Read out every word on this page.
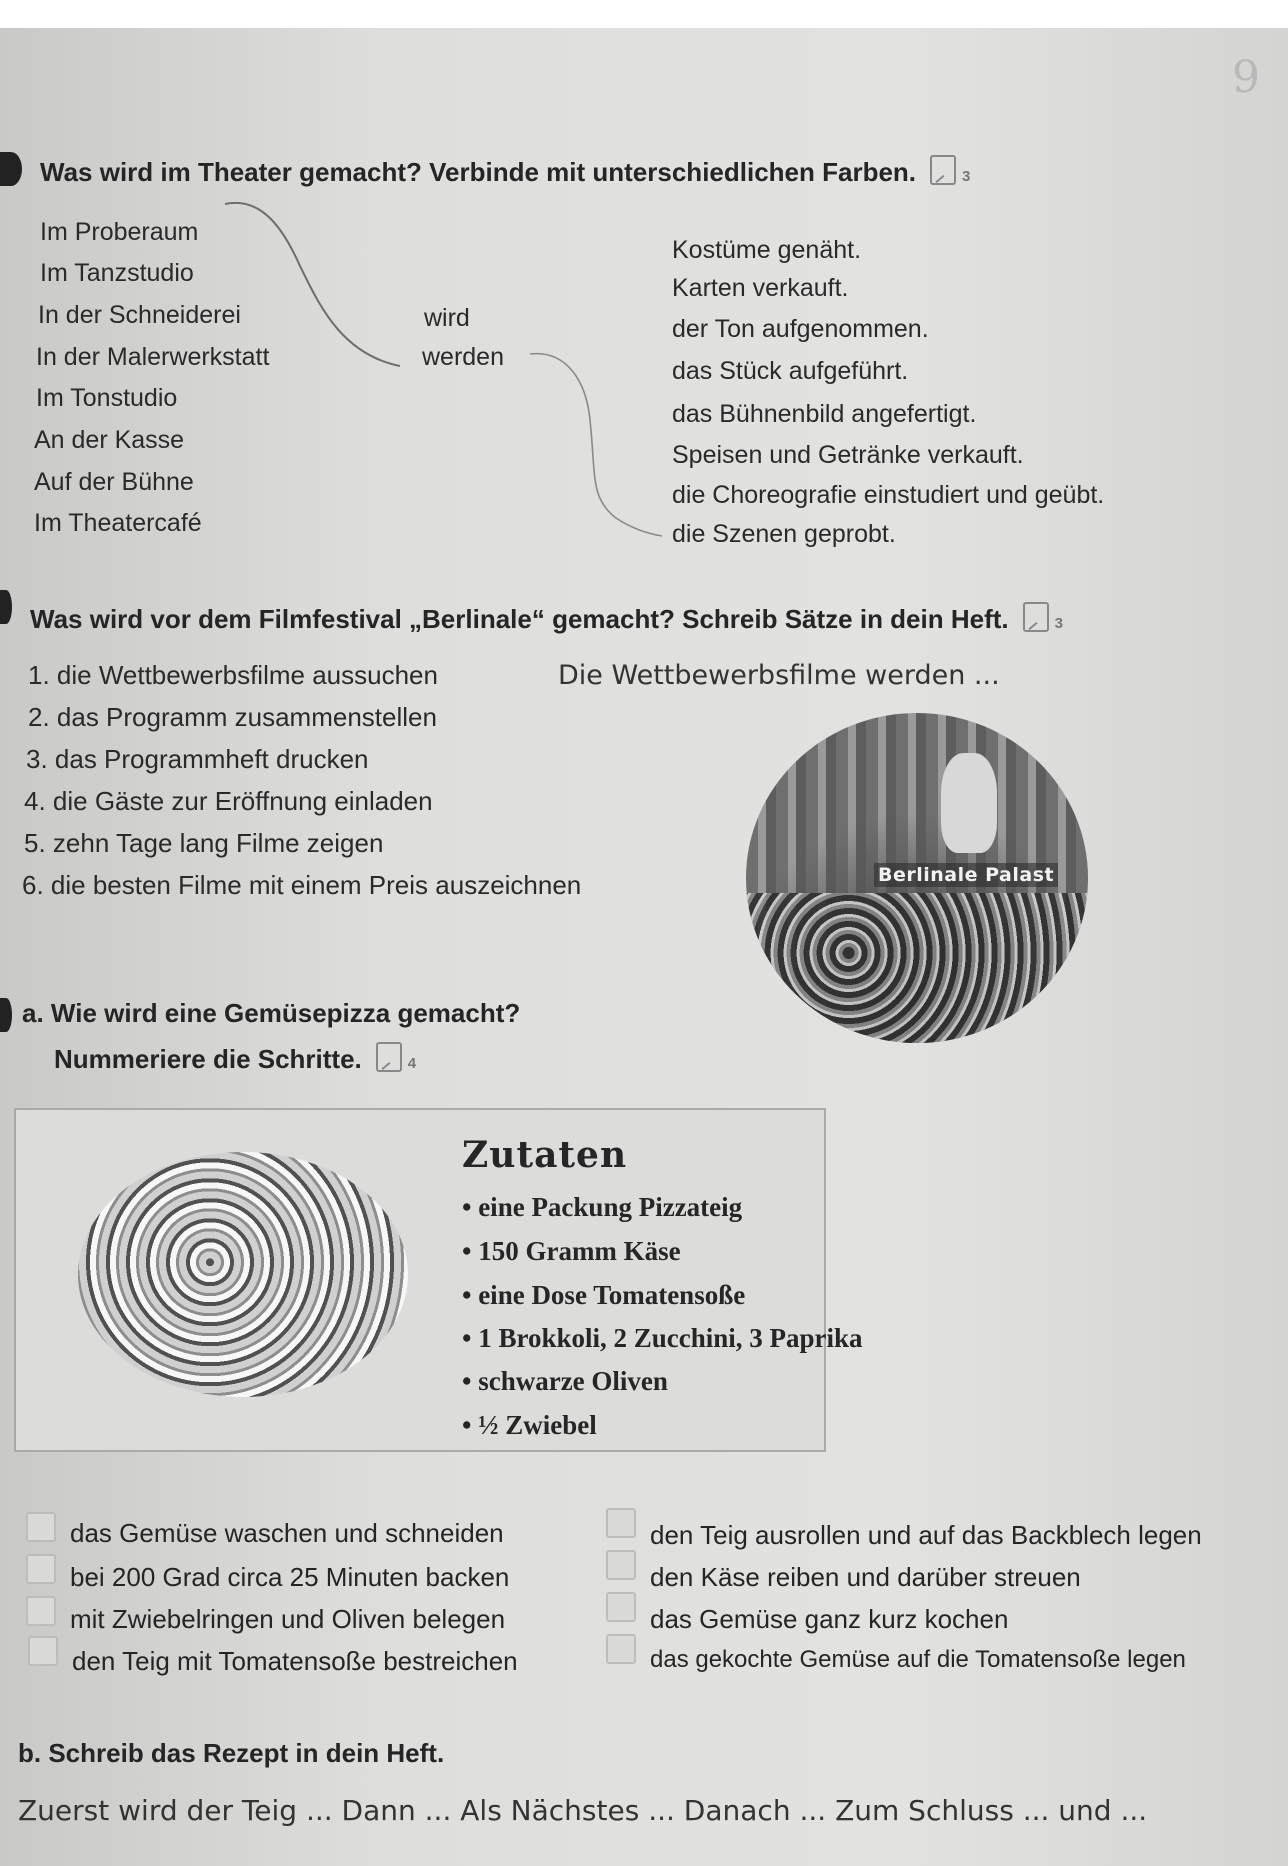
9
Was wird im Theater gemacht? Verbinde mit unterschiedlichen Farben.	3
Im Proberaum
Im Tanzstudio
In der Schneiderei
In der Malerwerkstatt
Im Tonstudio
An der Kasse
Auf der Bühne
Im Theatercafé
wird
werden
Kostüme genäht.
Karten verkauft.
der Ton aufgenommen.
das Stück aufgeführt.
das Bühnenbild angefertigt.
Speisen und Getränke verkauft.
die Choreografie einstudiert und geübt.
die Szenen geprobt.
Was wird vor dem Filmfestival „Berlinale“ gemacht? Schreib Sätze in dein Heft.	3
1. die Wettbewerbsfilme aussuchen
2. das Programm zusammenstellen
3. das Programmheft drucken
4. die Gäste zur Eröffnung einladen
5. zehn Tage lang Filme zeigen
6. die besten Filme mit einem Preis auszeichnen
Die Wettbewerbsfilme werden ...
Berlinale Palast
a. Wie wird eine Gemüsepizza gemacht?
Nummeriere die Schritte.	4
Zutaten
• eine Packung Pizzateig
• 150 Gramm Käse
• eine Dose Tomatensoße
• 1 Brokkoli, 2 Zucchini, 3 Paprika
• schwarze Oliven
• ½ Zwiebel
das Gemüse waschen und schneiden
bei 200 Grad circa 25 Minuten backen
mit Zwiebelringen und Oliven belegen
den Teig mit Tomatensoße bestreichen
den Teig ausrollen und auf das Backblech legen
den Käse reiben und darüber streuen
das Gemüse ganz kurz kochen
das gekochte Gemüse auf die Tomatensoße legen
b. Schreib das Rezept in dein Heft.
Zuerst wird der Teig ... Dann ... Als Nächstes ... Danach ... Zum Schluss ... und ...
